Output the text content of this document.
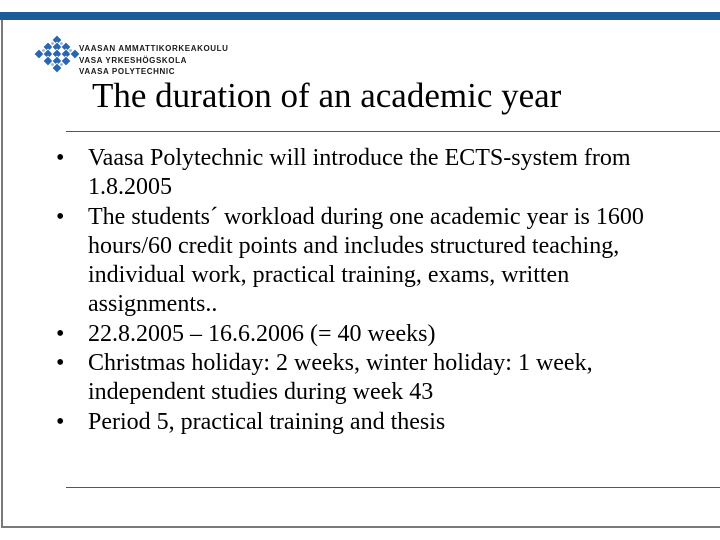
VAASAN AMMATTIKORKEAKOULU
VASA YRKESHÖGSKOLA
VAASA POLYTECHNIC
The duration of an academic year
• Vaasa Polytechnic will introduce the ECTS-system from 1.8.2005
• The students´ workload during one academic year is 1600 hours/60 credit points and includes structured teaching, individual work, practical training, exams, written assignments..
• 22.8.2005 – 16.6.2006 (= 40 weeks)
• Christmas holiday: 2 weeks, winter holiday: 1 week, independent studies during week 43
• Period 5, practical training and thesis
